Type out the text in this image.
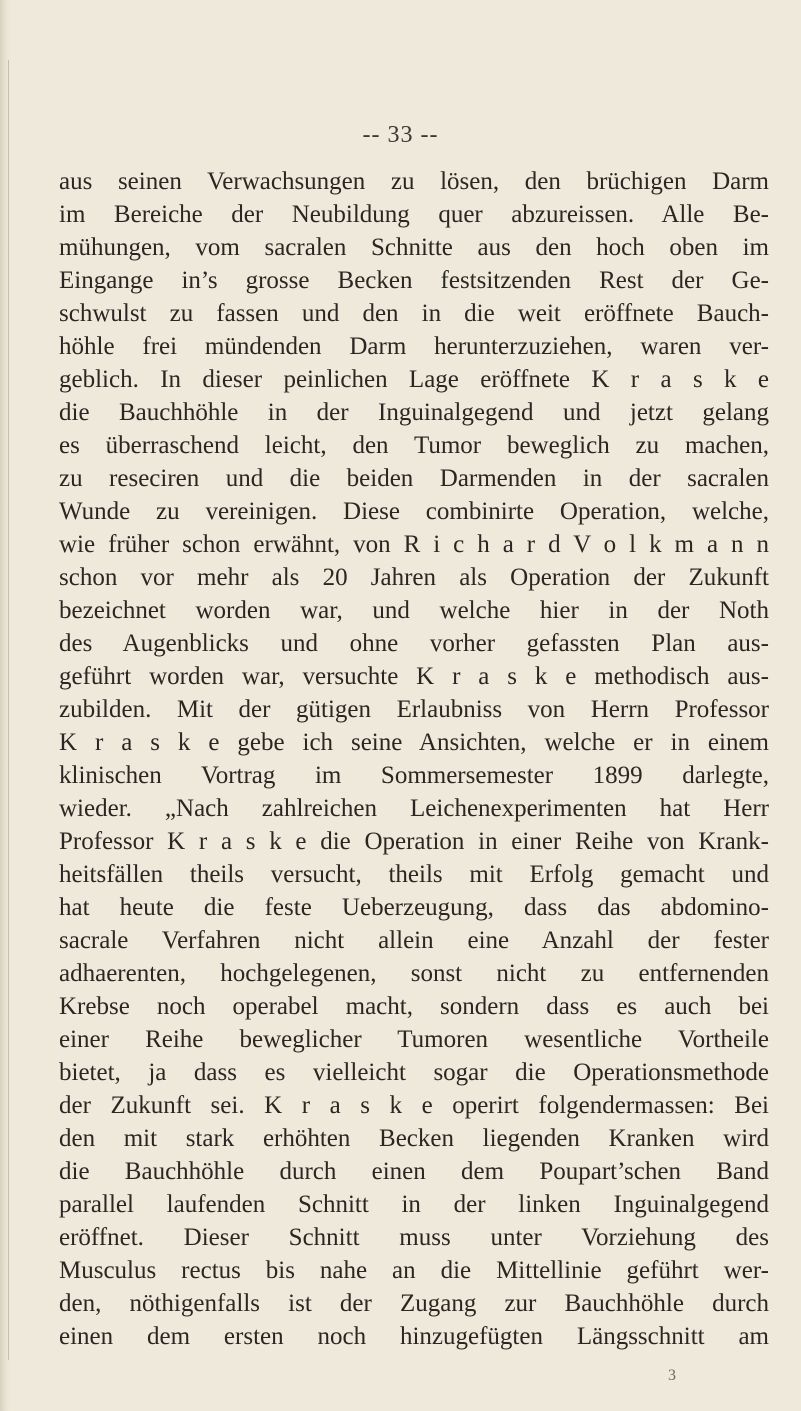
-- 33 --
aus seinen Verwachsungen zu lösen, den brüchigen Darm
im Bereiche der Neubildung quer abzureissen. Alle Be-
mühungen, vom sacralen Schnitte aus den hoch oben im
Eingange in’s grosse Becken festsitzenden Rest der Ge-
schwulst zu fassen und den in die weit eröffnete Bauch-
höhle frei mündenden Darm herunterzuziehen, waren ver-
geblich. In dieser peinlichen Lage eröffnete K r a s k e
die Bauchhöhle in der Inguinalgegend und jetzt gelang
es überraschend leicht, den Tumor beweglich zu machen,
zu reseciren und die beiden Darmenden in der sacralen
Wunde zu vereinigen. Diese combinirte Operation, welche,
wie früher schon erwähnt, von R i c h a r d V o l k m a n n
schon vor mehr als 20 Jahren als Operation der Zukunft
bezeichnet worden war, und welche hier in der Noth
des Augenblicks und ohne vorher gefassten Plan aus-
geführt worden war, versuchte K r a s k e methodisch aus-
zubilden. Mit der gütigen Erlaubniss von Herrn Professor
K r a s k e gebe ich seine Ansichten, welche er in einem
klinischen Vortrag im Sommersemester 1899 darlegte,
wieder. „Nach zahlreichen Leichenexperimenten hat Herr
Professor K r a s k e die Operation in einer Reihe von Krank-
heitsfällen theils versucht, theils mit Erfolg gemacht und
hat heute die feste Ueberzeugung, dass das abdomino-
sacrale Verfahren nicht allein eine Anzahl der fester
adhaerenten, hochgelegenen, sonst nicht zu entfernenden
Krebse noch operabel macht, sondern dass es auch bei
einer Reihe beweglicher Tumoren wesentliche Vortheile
bietet, ja dass es vielleicht sogar die Operationsmethode
der Zukunft sei. K r a s k e operirt folgendermassen: Bei
den mit stark erhöhten Becken liegenden Kranken wird
die Bauchhöhle durch einen dem Poupart’schen Band
parallel laufenden Schnitt in der linken Inguinalgegend
eröffnet. Dieser Schnitt muss unter Vorziehung des
Musculus rectus bis nahe an die Mittellinie geführt wer-
den, nöthigenfalls ist der Zugang zur Bauchhöhle durch
einen dem ersten noch hinzugefügten Längsschnitt am
3
